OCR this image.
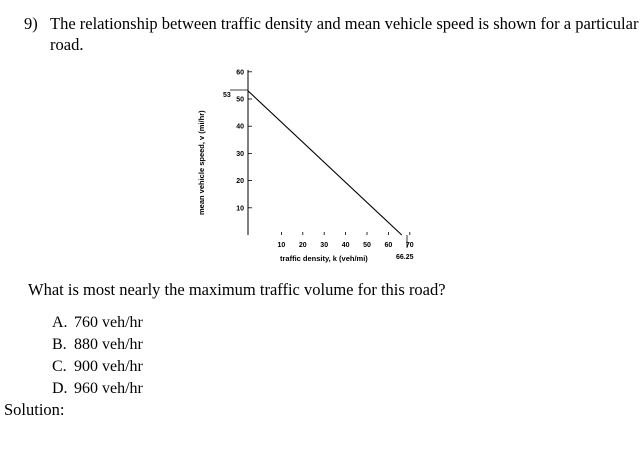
9) The relationship between traffic density and mean vehicle speed is shown for a particular
road.
10
20
30
40
50
60
10 20 30 40 50 60 70
53
66.25
traffic density, k (veh/mi)
mean vehicle speed, v (mi/hr)
What is most nearly the maximum traffic volume for this road?
A. 760 veh/hr
B. 880 veh/hr
C. 900 veh/hr
D. 960 veh/hr
Solution:
